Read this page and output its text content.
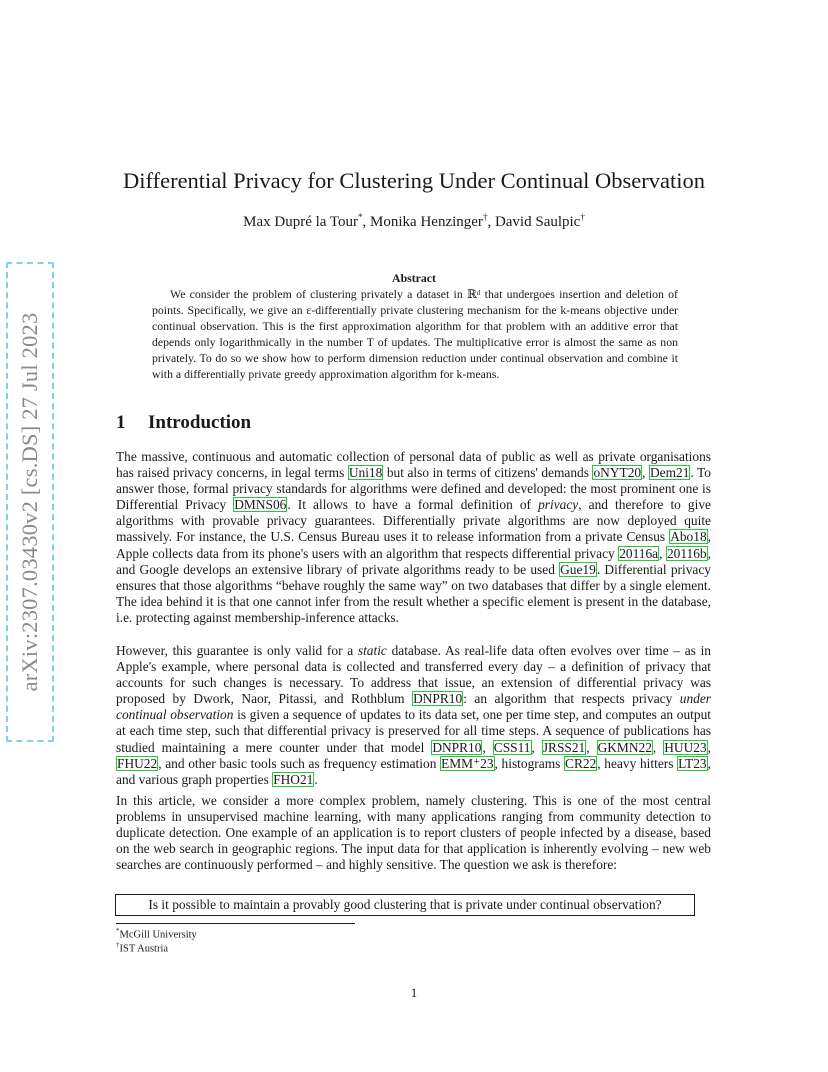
arXiv:2307.03430v2 [cs.DS] 27 Jul 2023
Differential Privacy for Clustering Under Continual Observation
Max Dupré la Tour*, Monika Henzinger†, David Saulpic†
Abstract

We consider the problem of clustering privately a dataset in ℝᵈ that undergoes insertion and deletion of points. Specifically, we give an ε-differentially private clustering mechanism for the k-means objective under continual observation. This is the first approximation algorithm for that problem with an additive error that depends only logarithmically in the number T of updates. The multiplicative error is almost the same as non privately. To do so we show how to perform dimension reduction under continual observation and combine it with a differentially private greedy approximation algorithm for k-means.

1 Introduction

The massive, continuous and automatic collection of personal data of public as well as private organisations has raised privacy concerns, in legal terms Uni18 but also in terms of citizens' demands oNYT20, Dem21. To answer those, formal privacy standards for algorithms were defined and developed: the most prominent one is Differential Privacy DMNS06. It allows to have a formal definition of privacy, and therefore to give algorithms with provable privacy guarantees. Differentially private algorithms are now deployed quite massively. For instance, the U.S. Census Bureau uses it to release information from a private Census Abo18, Apple collects data from its phone's users with an algorithm that respects differential privacy 20116a, 20116b, and Google develops an extensive library of private algorithms ready to be used Gue19. Differential privacy ensures that those algorithms “behave roughly the same way” on two databases that differ by a single element. The idea behind it is that one cannot infer from the result whether a specific element is present in the database, i.e. protecting against membership-inference attacks.

However, this guarantee is only valid for a static database. As real-life data often evolves over time – as in Apple's example, where personal data is collected and transferred every day – a definition of privacy that accounts for such changes is necessary. To address that issue, an extension of differential privacy was proposed by Dwork, Naor, Pitassi, and Rothblum DNPR10: an algorithm that respects privacy under continual observation is given a sequence of updates to its data set, one per time step, and computes an output at each time step, such that differential privacy is preserved for all time steps. A sequence of publications has studied maintaining a mere counter under that model DNPR10, CSS11, JRSS21, GKMN22, HUU23, FHU22, and other basic tools such as frequency estimation EMM⁺23, histograms CR22, heavy hitters LT23, and various graph properties FHO21.

In this article, we consider a more complex problem, namely clustering. This is one of the most central problems in unsupervised machine learning, with many applications ranging from community detection to duplicate detection. One example of an application is to report clusters of people infected by a disease, based on the web search in geographic regions. The input data for that application is inherently evolving – new web searches are continuously performed – and highly sensitive. The question we ask is therefore:

Is it possible to maintain a provably good clustering that is private under continual observation?
*McGill University
†IST Austria
1
